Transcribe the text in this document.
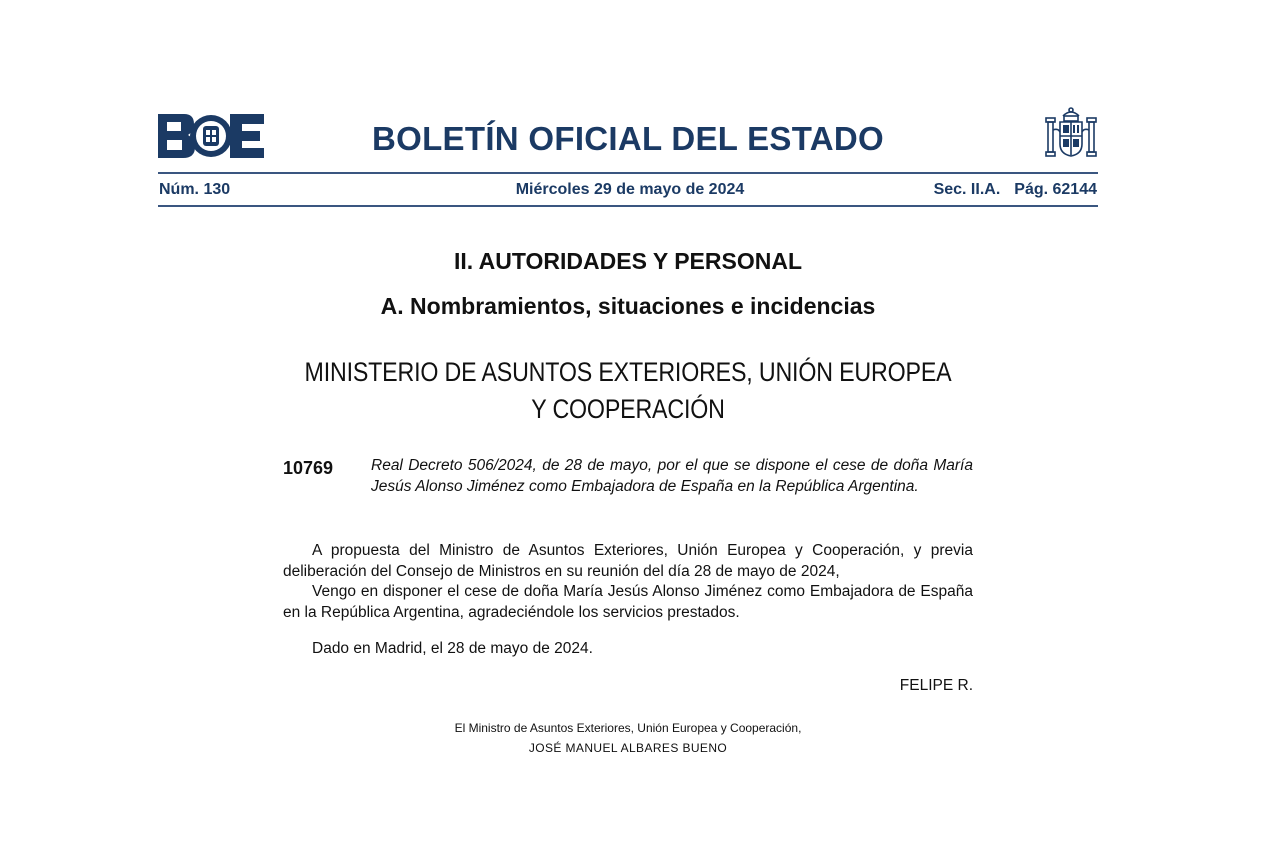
BOLETÍN OFICIAL DEL ESTADO
Núm. 130	Miércoles 29 de mayo de 2024	Sec. II.A. Pág. 62144
II. AUTORIDADES Y PERSONAL
A. Nombramientos, situaciones e incidencias
MINISTERIO DE ASUNTOS EXTERIORES, UNIÓN EUROPEA
Y COOPERACIÓN
10769 Real Decreto 506/2024, de 28 de mayo, por el que se dispone el cese de doña María Jesús Alonso Jiménez como Embajadora de España en la República Argentina.

A propuesta del Ministro de Asuntos Exteriores, Unión Europea y Cooperación, y previa deliberación del Consejo de Ministros en su reunión del día 28 de mayo de 2024,

Vengo en disponer el cese de doña María Jesús Alonso Jiménez como Embajadora de España en la República Argentina, agradeciéndole los servicios prestados.

Dado en Madrid, el 28 de mayo de 2024.
FELIPE R.
El Ministro de Asuntos Exteriores, Unión Europea y Cooperación,
JOSÉ MANUEL ALBARES BUENO
